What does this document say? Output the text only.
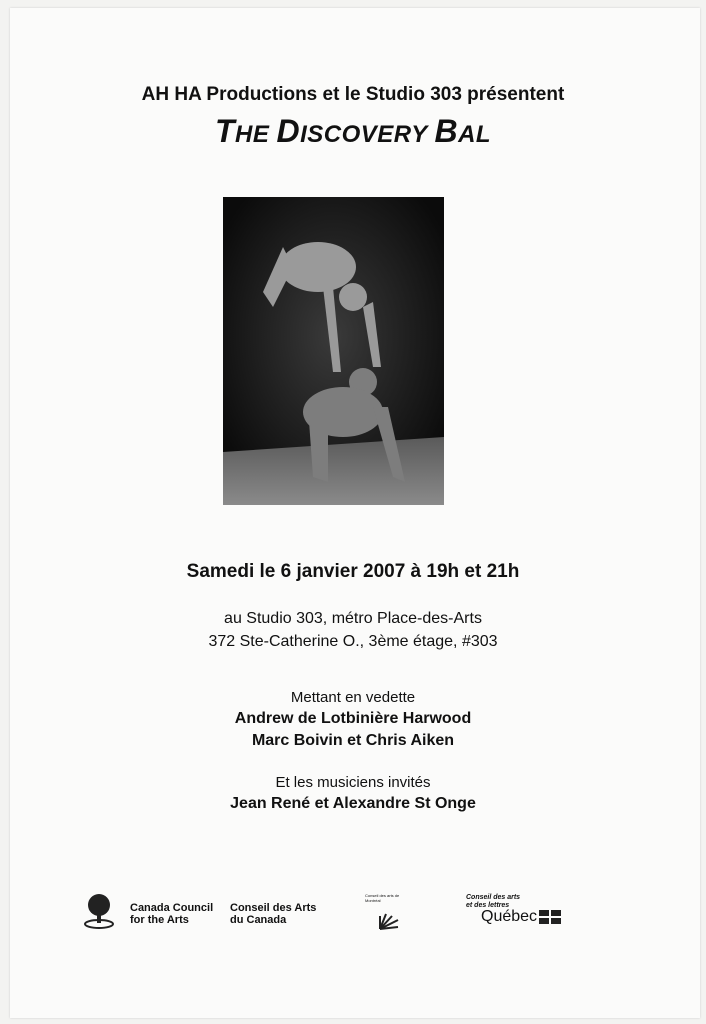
AH HA Productions et le Studio 303 présentent
THE DISCOVERY BAL
Samedi le 6 janvier 2007 à 19h et 21h
au Studio 303, métro Place-des-Arts
372 Ste-Catherine O., 3ème étage, #303
Mettant en vedette
Andrew de Lotbinière Harwood
Marc Boivin et Chris Aiken
Et les musiciens invités
Jean René et Alexandre St Onge
Canada Council
for the Arts
Conseil des Arts
du Canada
Conseil des arts de Montréal	Conseil des arts
et des lettres
Québec
